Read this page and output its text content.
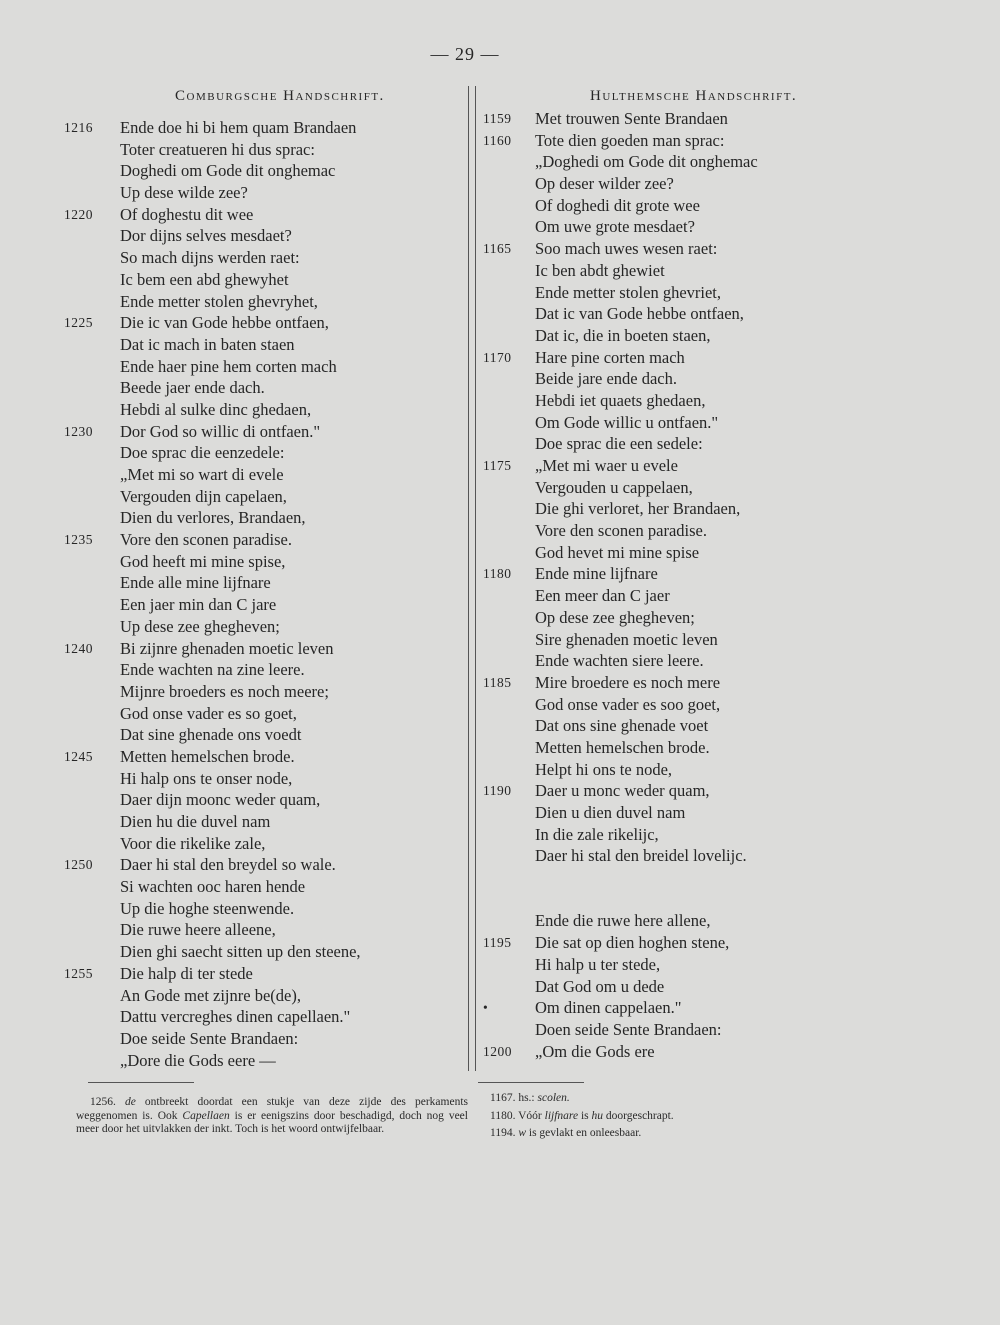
— 29 —
Comburgsche Handschrift.	Hulthemsche Handschrift.
1216	Ende doe hi bi hem quam Brandaen
Toter creatueren hi dus sprac:
Doghedi om Gode dit onghemac
Up dese wilde zee?
1220	Of doghestu dit wee
Dor dijns selves mesdaet?
So mach dijns werden raet:
Ic bem een abd ghewyhet
Ende metter stolen ghevryhet,
1225	Die ic van Gode hebbe ontfaen,
Dat ic mach in baten staen
Ende haer pine hem corten mach
Beede jaer ende dach.
Hebdi al sulke dinc ghedaen,
1230	Dor God so willic di ontfaen."
Doe sprac die eenzedele:
„Met mi so wart di evele
Vergouden dijn capelaen,
Dien du verlores, Brandaen,
1235	Vore den sconen paradise.
God heeft mi mine spise,
Ende alle mine lijfnare
Een jaer min dan C jare
Up dese zee ghegheven;
1240	Bi zijnre ghenaden moetic leven
Ende wachten na zine leere.
Mijnre broeders es noch meere;
God onse vader es so goet,
Dat sine ghenade ons voedt
1245	Metten hemelschen brode.
Hi halp ons te onser node,
Daer dijn moonc weder quam,
Dien hu die duvel nam
Voor die rikelike zale,
1250	Daer hi stal den breydel so wale.
Si wachten ooc haren hende
Up die hoghe steenwende.
Die ruwe heere alleene,
Dien ghi saecht sitten up den steene,
1255	Die halp di ter stede
An Gode met zijnre be(de),
Dattu vercreghes dinen capellaen."
Doe seide Sente Brandaen:
„Dore die Gods eere —
1159	Met trouwen Sente Brandaen
1160	Tote dien goeden man sprac:
„Doghedi om Gode dit onghemac
Op deser wilder zee?
Of doghedi dit grote wee
Om uwe grote mesdaet?
1165	Soo mach uwes wesen raet:
Ic ben abdt ghewiet
Ende metter stolen ghevriet,
Dat ic van Gode hebbe ontfaen,
Dat ic, die in boeten staen,
1170	Hare pine corten mach
Beide jare ende dach.
Hebdi iet quaets ghedaen,
Om Gode willic u ontfaen."
Doe sprac die een sedele:
1175	„Met mi waer u evele
Vergouden u cappelaen,
Die ghi verloret, her Brandaen,
Vore den sconen paradise.
God hevet mi mine spise
1180	Ende mine lijfnare
Een meer dan C jaer
Op dese zee ghegheven;
Sire ghenaden moetic leven
Ende wachten siere leere.
1185	Mire broedere es noch mere
God onse vader es soo goet,
Dat ons sine ghenade voet
Metten hemelschen brode.
Helpt hi ons te node,
1190	Daer u monc weder quam,
Dien u dien duvel nam
In die zale rikelijc,
Daer hi stal den breidel lovelijc.
Ende die ruwe here allene,
1195	Die sat op dien hoghen stene,
Hi halp u ter stede,
Dat God om u dede
•	Om dinen cappelaen."
Doen seide Sente Brandaen:
1200	„Om die Gods ere
1256. de ontbreekt doordat een stukje van deze zijde des perkaments weggenomen is. Ook Capellaen is er eenigszins door beschadigd, doch nog veel meer door het uitvlakken der inkt. Toch is het woord ontwijfelbaar.
1167. hs.: scolen.
1180. Vóór lijfnare is hu doorgeschrapt.
1194. w is gevlakt en onleesbaar.
